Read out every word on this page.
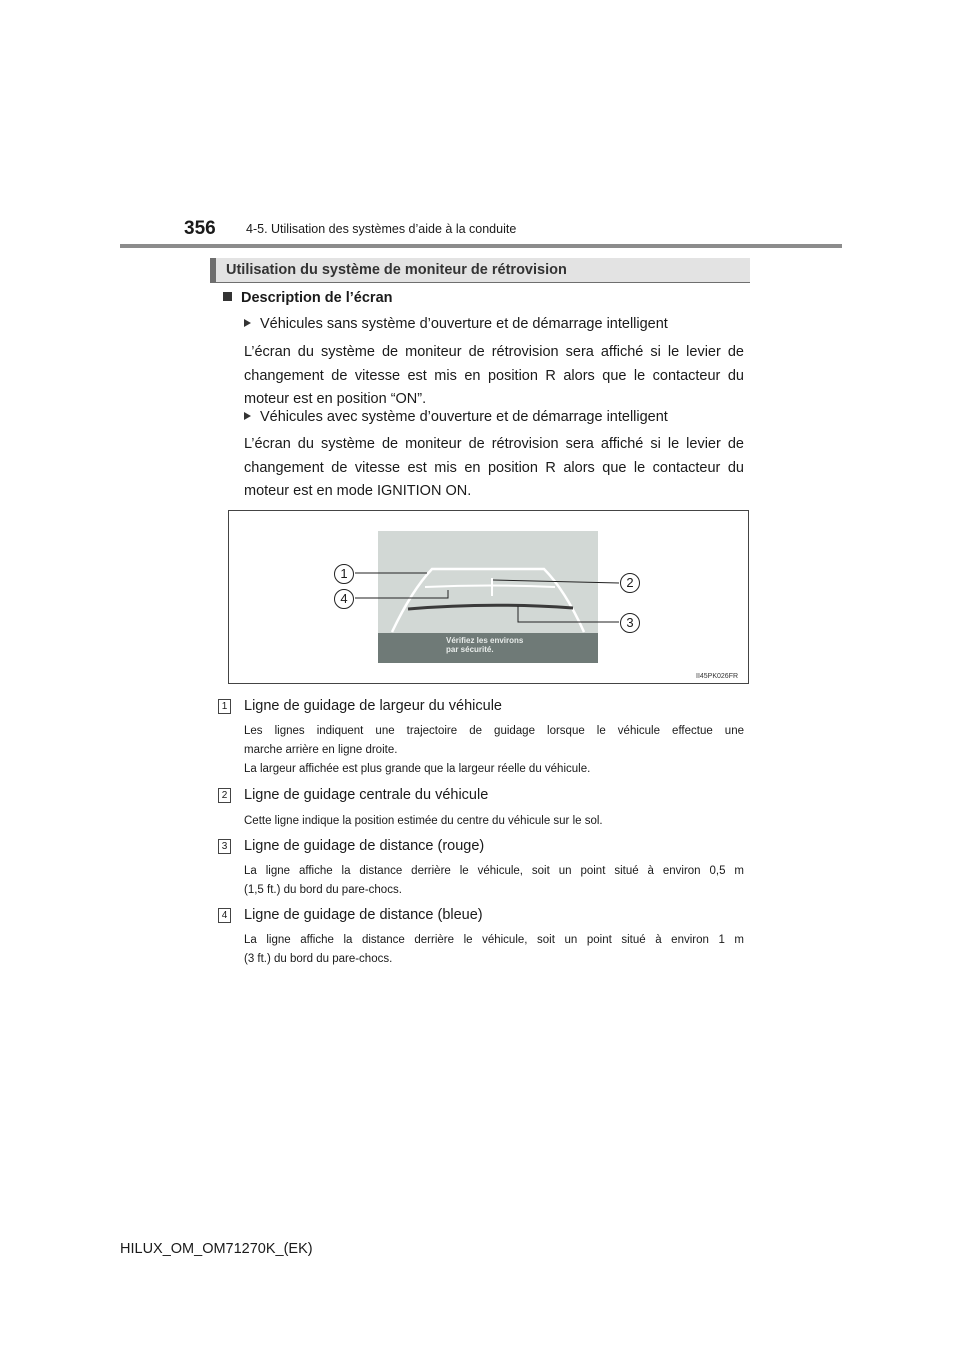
356 4-5. Utilisation des systèmes d’aide à la conduite
Utilisation du système de moniteur de rétrovision
Description de l’écran
Véhicules sans système d’ouverture et de démarrage intelligent
L’écran du système de moniteur de rétrovision sera affiché si le levier de
changement de vitesse est mis en position R alors que le contacteur du
moteur est en position “ON”.
Véhicules avec système d’ouverture et de démarrage intelligent
L’écran du système de moniteur de rétrovision sera affiché si le levier de
changement de vitesse est mis en position R alors que le contacteur du
moteur est en mode IGNITION ON.
Vérifiez les environs
par sécurité.
1
4
2
3
II45PK026FR
1 Ligne de guidage de largeur du véhicule
Les lignes indiquent une trajectoire de guidage lorsque le véhicule effectue une
marche arrière en ligne droite.
La largeur affichée est plus grande que la largeur réelle du véhicule.
2 Ligne de guidage centrale du véhicule
Cette ligne indique la position estimée du centre du véhicule sur le sol.
3 Ligne de guidage de distance (rouge)
La ligne affiche la distance derrière le véhicule, soit un point situé à environ 0,5 m
(1,5 ft.) du bord du pare-chocs.
4 Ligne de guidage de distance (bleue)
La ligne affiche la distance derrière le véhicule, soit un point situé à environ 1 m
(3 ft.) du bord du pare-chocs.
HILUX_OM_OM71270K_(EK)
